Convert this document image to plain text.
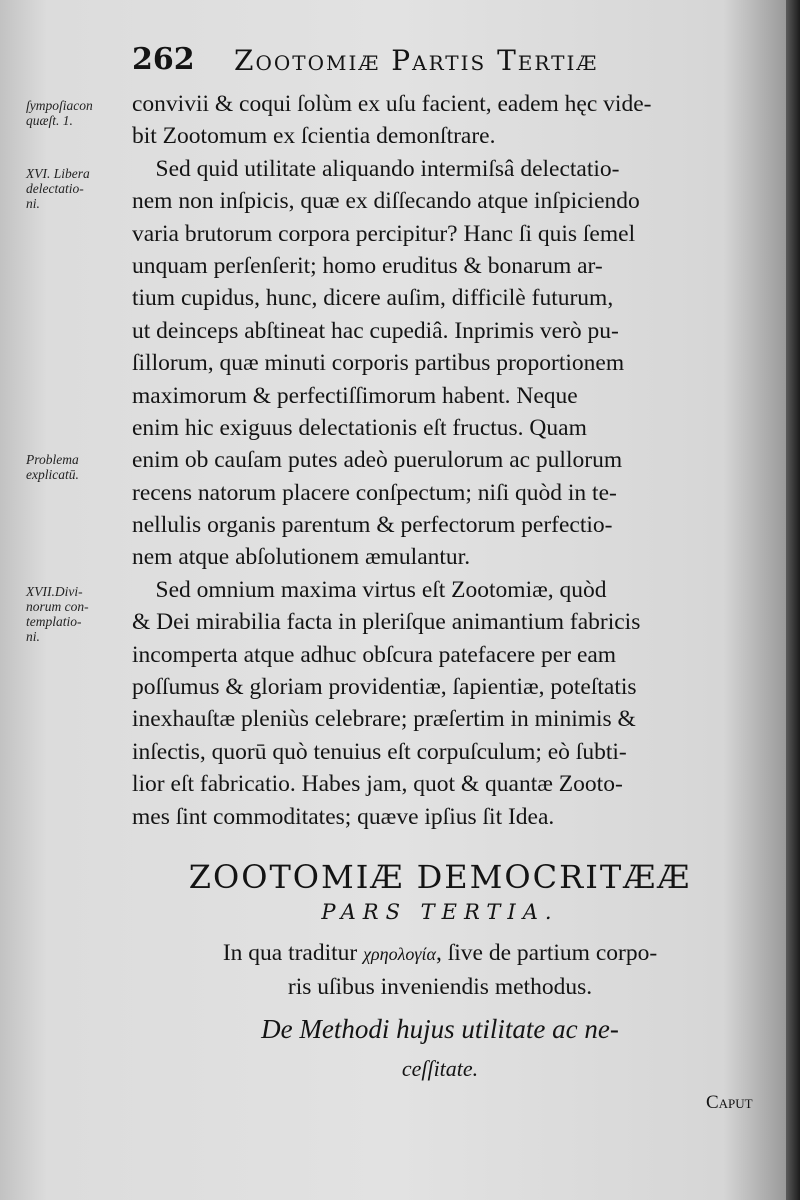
262 Zootomiæ Partis Tertiæ
ſympoſiacon
quæſt. 1.
XVI. Libera
delectatio-
ni.
Problema
explicatū.
XVII.Divi-
norum con-
templatio-
ni.
convivii & coqui ſolùm ex uſu facient, eadem hęc vide-
bit Zootomum ex ſcientia demonſtrare.
Sed quid utilitate aliquando intermiſsâ delectatio-
nem non inſpicis, quæ ex diſſecando atque inſpiciendo
varia brutorum corpora percipitur? Hanc ſi quis ſemel
unquam perſenſerit; homo eruditus & bonarum ar-
tium cupidus, hunc, dicere auſim, difficilè futurum,
ut deinceps abſtineat hac cupediâ. Inprimis verò pu-
ſillorum, quæ minuti corporis partibus proportionem
maximorum & perfectiſſimorum habent. Neque
enim hic exiguus delectationis eſt fructus. Quam
enim ob cauſam putes adeò puerulorum ac pullorum
recens natorum placere conſpectum; niſi quòd in te-
nellulis organis parentum & perfectorum perfectio-
nem atque abſolutionem æmulantur.
Sed omnium maxima virtus eſt Zootomiæ, quòd
& Dei mirabilia facta in pleriſque animantium fabricis
incomperta atque adhuc obſcura patefacere per eam
poſſumus & gloriam providentiæ, ſapientiæ, poteſtatis
inexhauſtæ pleniùs celebrare; præſertim in minimis &
inſectis, quorū quò tenuius eſt corpuſculum; eò ſubti-
lior eſt fabricatio. Habes jam, quot & quantæ Zooto-
mes ſint commoditates; quæve ipſius ſit Idea.
ZOOTOMIÆ DEMOCRITÆÆ
PARS TERTIA.
In qua traditur χρηολογία, ſive de partium corpo-
ris uſibus inveniendis methodus.
De Methodi hujus utilitate ac ne-
ceſſitate.
Caput
